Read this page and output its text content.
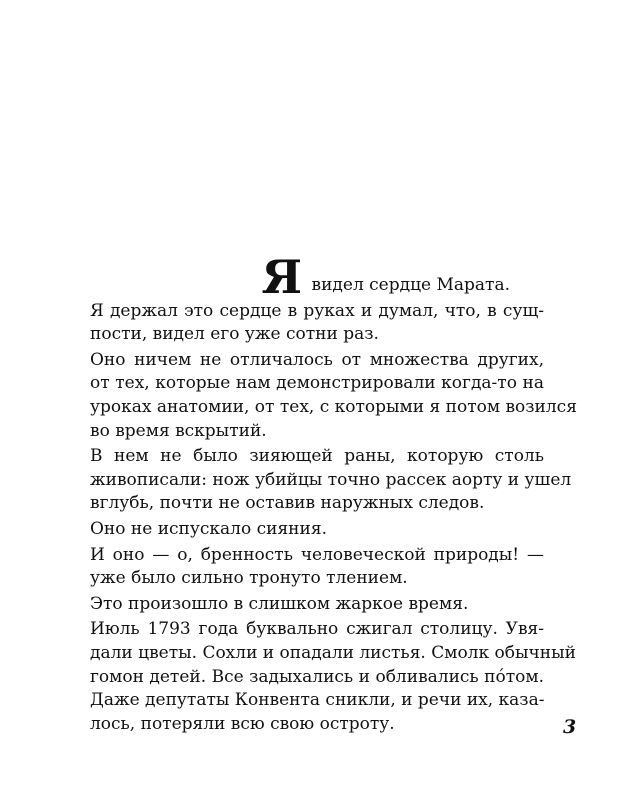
Я видел сердце Марата.

Я держал это сердце в руках и думал, что, в сущ-
пости, видел его уже сотни раз.

Оно ничем не отличалось от множества других,
от тех, которые нам демонстрировали когда-то на
уроках анатомии, от тех, с которыми я потом возился
во время вскрытий.

В нем не было зияющей раны, которую столь
живописали: нож убийцы точно рассек аорту и ушел
вглубь, почти не оставив наружных следов.

Оно не испускало сияния.

И оно — о, бренность человеческой природы! —
уже было сильно тронуто тлением.

Это произошло в слишком жаркое время.

Июль 1793 года буквально сжигал столицу. Увя-
дали цветы. Сохли и опадали листья. Смолк обычный
гомон детей. Все задыхались и обливались пóтом.
Даже депутаты Конвента сникли, и речи их, каза-
лось, потеряли всю свою остроту.	3
